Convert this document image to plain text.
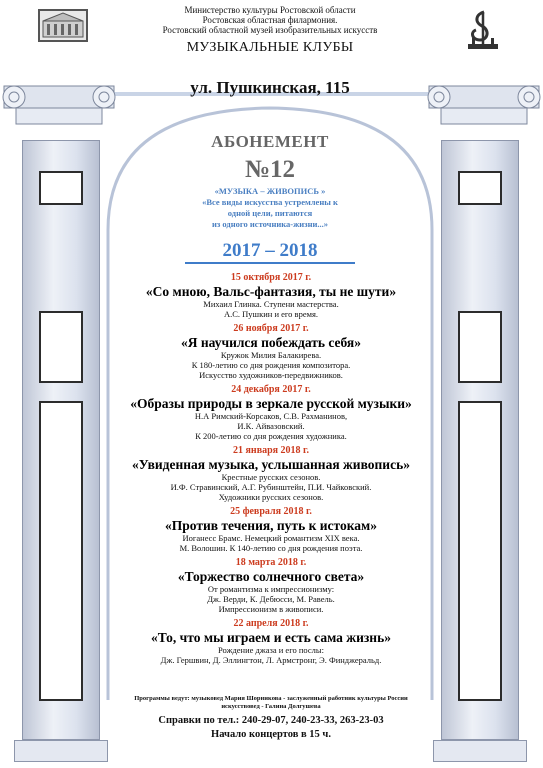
Министерство культуры Ростовской области
Ростовская областная филармония.
Ростовский областной музей изобразительных искусств
МУЗЫКАЛЬНЫЕ КЛУБЫ
ул. Пушкинская, 115
АБОНЕМЕНТ
№12
«МУЗЫКА – ЖИВОПИСЬ »
«Все виды искусства устремлены к
одной цели, питаются
из одного источника-жизни...»
2017 – 2018
15 октября 2017 г.
«Со мною, Вальс-фантазия, ты не шути»
Михаил Глинка. Ступени мастерства.
А.С. Пушкин и его время.
26 ноября 2017 г.
«Я научился побеждать себя»
Кружок Милия Балакирева.
К 180-летию со дня рождения композитора.
Искусство художников-передвижников.
24 декабря 2017 г.
«Образы природы в зеркале русской музыки»
Н.А Римский-Корсаков, С.В. Рахманинов,
И.К. Айвазовский.
К 200-летию со дня рождения художника.
21 января 2018 г.
«Увиденная музыка, услышанная живопись»
Крестные русских сезонов.
И.Ф. Стравинский, А.Г. Рубинштейн, П.И. Чайковский.
Художники русских сезонов.
25 февраля 2018 г.
«Против течения, путь к истокам»
Иоганесс Брамс. Немецкий романтизм XIX века.
М. Волошин. К 140-летию со дня рождения поэта.
18 марта 2018 г.
«Торжество солнечного света»
От романтизма к импрессионизму:
Дж. Верди, К. Дебюсси, М. Равель.
Импрессионизм в живописи.
22 апреля 2018 г.
«То, что мы играем и есть сама жизнь»
Рождение джаза и его послы:
Дж. Гершвин, Д. Эллингтон, Л. Армстронг, Э. Финджеральд.
Программы ведут: музыковед Мария Шорникова - заслуженный работник культуры России
искусствовед - Галина Долгушева
Справки по тел.: 240-29-07, 240-23-33, 263-23-03
Начало концертов в 15 ч.
